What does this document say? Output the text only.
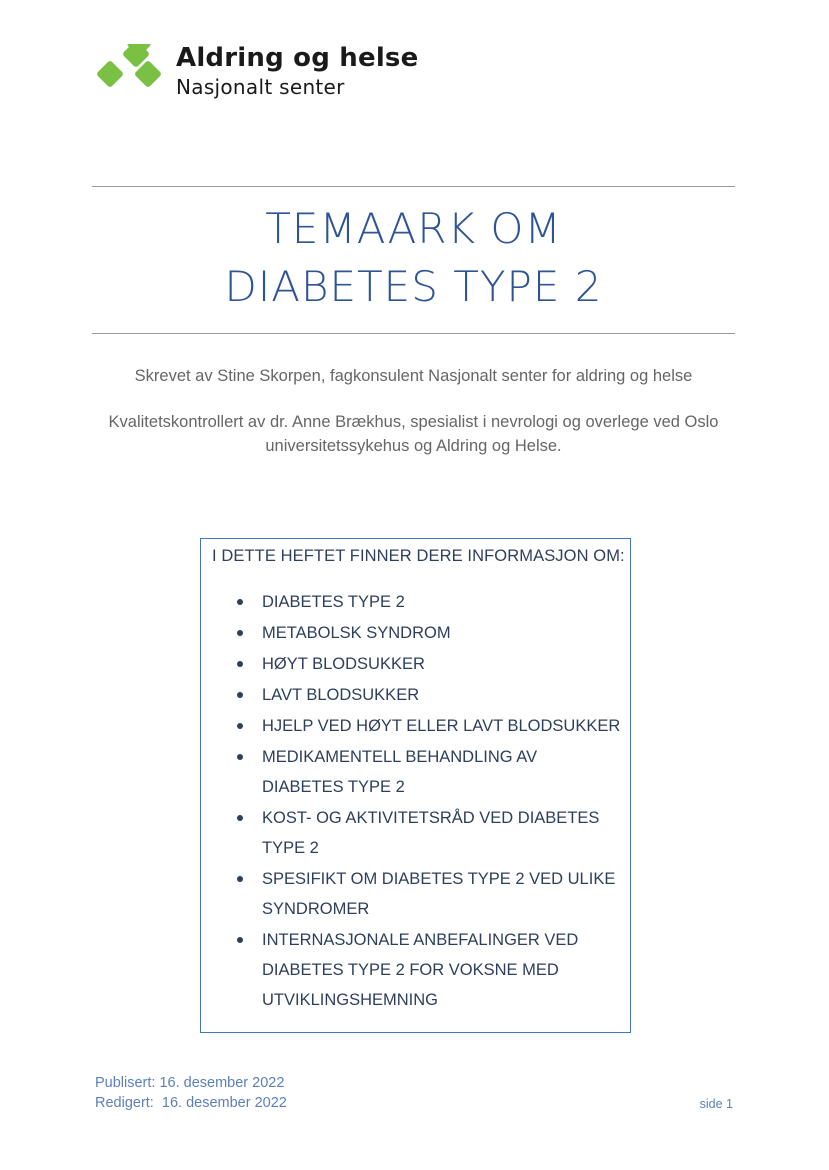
Aldring og helse
Nasjonalt senter
TEMAARK OM
DIABETES TYPE 2
Skrevet av Stine Skorpen, fagkonsulent Nasjonalt senter for aldring og helse
Kvalitetskontrollert av dr. Anne Brækhus, spesialist i nevrologi og overlege ved Oslo universitetssykehus og Aldring og Helse.
I DETTE HEFTET FINNER DERE INFORMASJON OM:
DIABETES TYPE 2
METABOLSK SYNDROM
HØYT BLODSUKKER
LAVT BLODSUKKER
HJELP VED HØYT ELLER LAVT BLODSUKKER
MEDIKAMENTELL BEHANDLING AV DIABETES TYPE 2
KOST- OG AKTIVITETSRÅD VED DIABETES TYPE 2
SPESIFIKT OM DIABETES TYPE 2 VED ULIKE SYNDROMER
INTERNASJONALE ANBEFALINGER VED DIABETES TYPE 2 FOR VOKSNE MED UTVIKLINGSHEMNING
Publisert: 16. desember 2022
Redigert:  16. desember 2022	side 1
